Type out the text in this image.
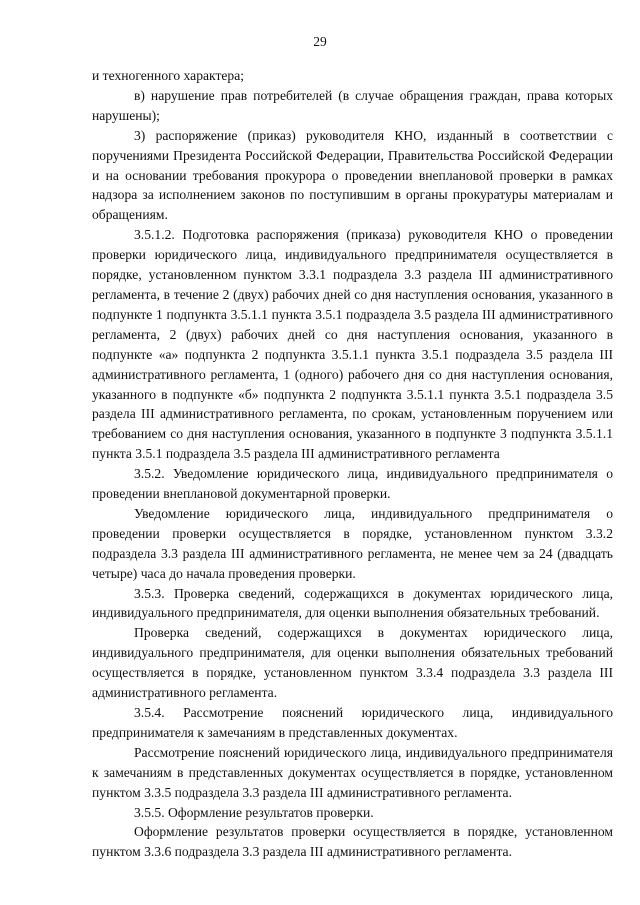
29

и техногенного характера;

в) нарушение прав потребителей (в случае обращения граждан, права которых нарушены);

3) распоряжение (приказ) руководителя КНО, изданный в соответствии с поручениями Президента Российской Федерации, Правительства Российской Федерации и на основании требования прокурора о проведении внеплановой проверки в рамках надзора за исполнением законов по поступившим в органы прокуратуры материалам и обращениям.

3.5.1.2. Подготовка распоряжения (приказа) руководителя КНО о проведении проверки юридического лица, индивидуального предпринимателя осуществляется в порядке, установленном пунктом 3.3.1 подраздела 3.3 раздела III административного регламента, в течение 2 (двух) рабочих дней со дня наступления основания, указанного в подпункте 1 подпункта 3.5.1.1 пункта 3.5.1 подраздела 3.5 раздела III административного регламента, 2 (двух) рабочих дней со дня наступления основания, указанного в подпункте «а» подпункта 2 подпункта 3.5.1.1 пункта 3.5.1 подраздела 3.5 раздела III административного регламента, 1 (одного) рабочего дня со дня наступления основания, указанного в подпункте «б» подпункта 2 подпункта 3.5.1.1 пункта 3.5.1 подраздела 3.5 раздела III административного регламента, по срокам, установленным поручением или требованием со дня наступления основания, указанного в подпункте 3 подпункта 3.5.1.1 пункта 3.5.1 подраздела 3.5 раздела III административного регламента

3.5.2. Уведомление юридического лица, индивидуального предпринимателя о проведении внеплановой документарной проверки.

Уведомление юридического лица, индивидуального предпринимателя о проведении проверки осуществляется в порядке, установленном пунктом 3.3.2 подраздела 3.3 раздела III административного регламента, не менее чем за 24 (двадцать четыре) часа до начала проведения проверки.

3.5.3. Проверка сведений, содержащихся в документах юридического лица, индивидуального предпринимателя, для оценки выполнения обязательных требований.

Проверка сведений, содержащихся в документах юридического лица, индивидуального предпринимателя, для оценки выполнения обязательных требований осуществляется в порядке, установленном пунктом 3.3.4 подраздела 3.3 раздела III административного регламента.

3.5.4. Рассмотрение пояснений юридического лица, индивидуального предпринимателя к замечаниям в представленных документах.

Рассмотрение пояснений юридического лица, индивидуального предпринимателя к замечаниям в представленных документах осуществляется в порядке, установленном пунктом 3.3.5 подраздела 3.3 раздела III административного регламента.

3.5.5. Оформление результатов проверки.

Оформление результатов проверки осуществляется в порядке, установленном пунктом 3.3.6 подраздела 3.3 раздела III административного регламента.
